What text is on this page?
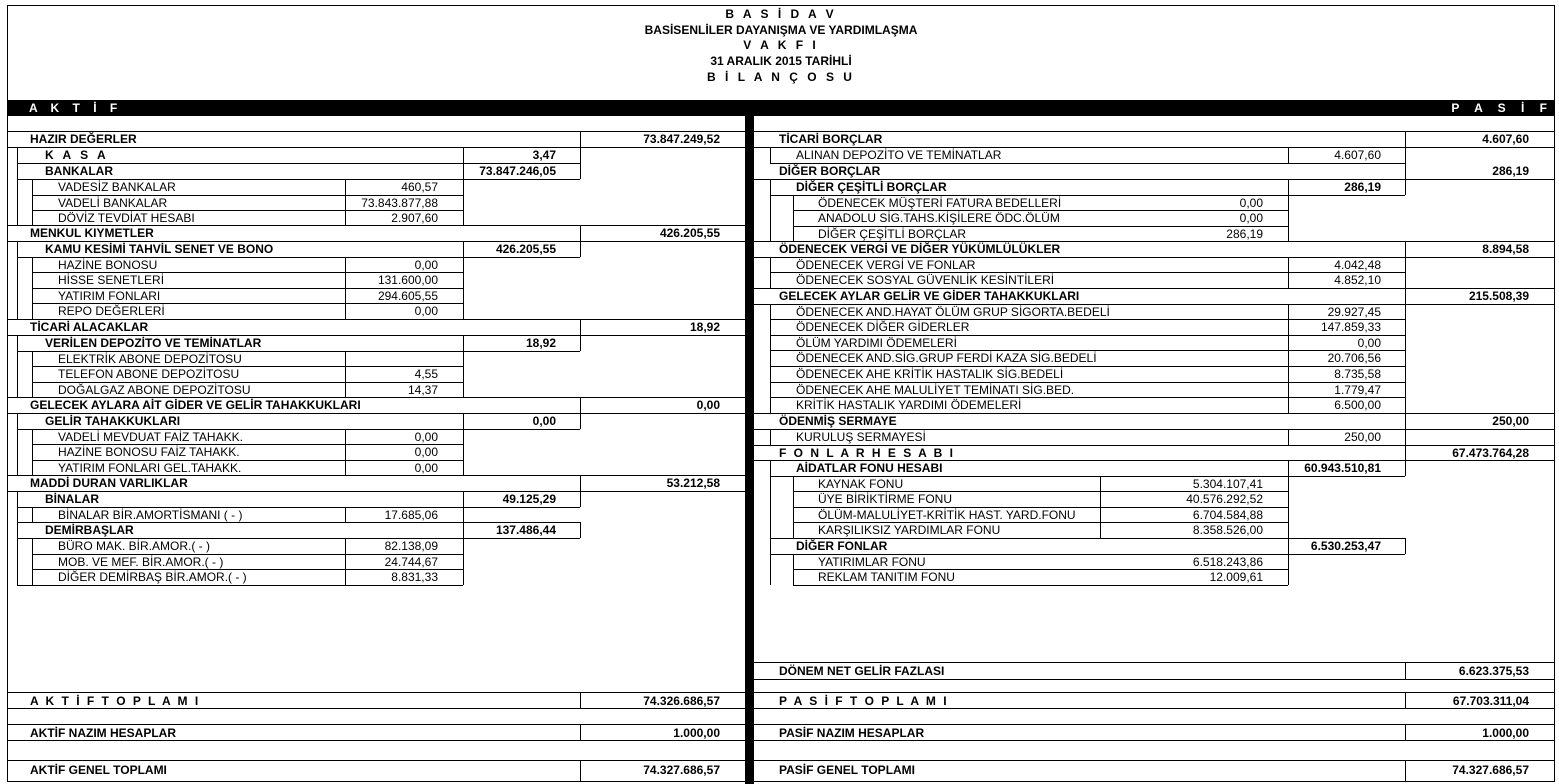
B A S İ D A V
BASİSENLİLER DAYANIŞMA VE YARDIMLAŞMA
V A K F I
31 ARALIK 2015 TARİHLİ
B İ L A N Ç O S U
A K T İ F	P A S İ F
HAZIR DEĞERLER	73.847.249,52
K A S A	3,47
BANKALAR	73.847.246,05
VADESİZ BANKALAR	460,57
VADELİ BANKALAR	73.843.877,88
DÖVİZ TEVDİAT HESABI	2.907,60
MENKUL KIYMETLER	426.205,55
KAMU KESİMİ TAHVİL SENET VE BONO	426.205,55
HAZİNE BONOSU	0,00
HİSSE SENETLERİ	131.600,00
YATIRIM FONLARI	294.605,55
REPO DEĞERLERİ	0,00
TİCARİ ALACAKLAR	18,92
VERİLEN DEPOZİTO VE TEMİNATLAR	18,92
ELEKTRİK ABONE DEPOZİTOSU
TELEFON ABONE DEPOZİTOSU	4,55
DOĞALGAZ ABONE DEPOZİTOSU	14,37
GELECEK AYLARA AİT GİDER VE GELİR TAHAKKUKLARI	0,00
GELİR TAHAKKUKLARI	0,00
VADELİ MEVDUAT FAİZ TAHAKK.	0,00
HAZİNE BONOSU FAİZ TAHAKK.	0,00
YATIRIM FONLARI GEL.TAHAKK.	0,00
MADDİ DURAN VARLIKLAR	53.212,58
BİNALAR	49.125,29
BİNALAR BİR.AMORTİSMANI ( - )	17.685,06
DEMİRBAŞLAR	137.486,44
BÜRO MAK. BİR.AMOR.( - )	82.138,09
MOB. VE MEF. BİR.AMOR.( - )	24.744,67
DİĞER DEMİRBAŞ BİR.AMOR.( - )	8.831,33
A K T İ F T O P L A M I	74.326.686,57
AKTİF NAZIM HESAPLAR	1.000,00
AKTİF GENEL TOPLAMI	74.327.686,57
TİCARİ BORÇLAR	4.607,60
ALINAN DEPOZİTO VE TEMİNATLAR	4.607,60
DİĞER BORÇLAR	286,19
DİĞER ÇEŞİTLİ BORÇLAR	286,19
ÖDENECEK MÜŞTERİ FATURA BEDELLERİ	0,00
ANADOLU SİG.TAHS.KİŞİLERE ÖDC.ÖLÜM	0,00
DİĞER ÇEŞİTLİ BORÇLAR	286,19
ÖDENECEK VERGİ VE DİĞER YÜKÜMLÜLÜKLER	8.894,58
ÖDENECEK VERGİ VE FONLAR	4.042,48
ÖDENECEK SOSYAL GÜVENLİK KESİNTİLERİ	4.852,10
GELECEK AYLAR GELİR VE GİDER TAHAKKUKLARI	215.508,39
ÖDENECEK AND.HAYAT ÖLÜM GRUP SİGORTA.BEDELİ	29.927,45
ÖDENECEK DİĞER GİDERLER	147.859,33
ÖLÜM YARDIMI ÖDEMELERİ	0,00
ÖDENECEK AND.SİG.GRUP FERDİ KAZA SİG.BEDELİ	20.706,56
ÖDENECEK AHE KRİTİK HASTALIK SİG.BEDELİ	8.735,58
ÖDENECEK AHE MALULİYET TEMİNATI SİG.BED.	1.779,47
KRİTİK HASTALIK YARDIMI ÖDEMELERİ	6.500,00
ÖDENMİŞ SERMAYE	250,00
KURULUŞ SERMAYESİ	250,00
F O N L A R H E S A B I	67.473.764,28
AİDATLAR FONU HESABI	60.943.510,81
KAYNAK FONU	5.304.107,41
ÜYE BİRİKTİRME FONU	40.576.292,52
ÖLÜM-MALULİYET-KRİTİK HAST. YARD.FONU	6.704.584,88
KARŞILIKSIZ YARDIMLAR FONU	8.358.526,00
DİĞER FONLAR	6.530.253,47
YATIRIMLAR FONU	6.518.243,86
REKLAM TANITIM FONU	12.009,61
DÖNEM NET GELİR FAZLASI	6.623.375,53
P A S İ F T O P L A M I	67.703.311,04
PASİF NAZIM HESAPLAR	1.000,00
PASİF GENEL TOPLAMI	74.327.686,57
